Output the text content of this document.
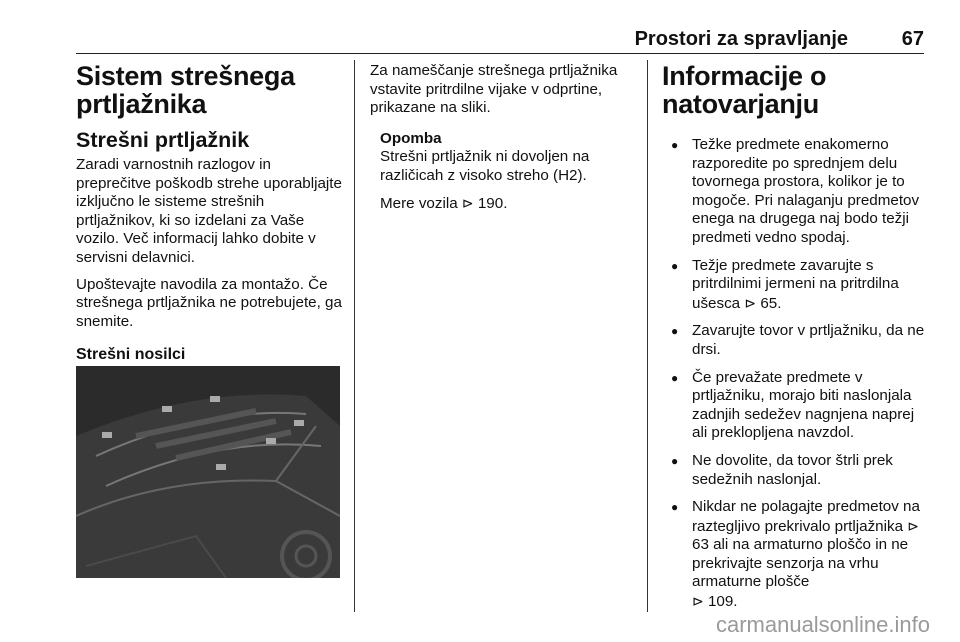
Prostori za spravljanje	67
Sistem strešnega prtljažnika
Strešni prtljažnik

Zaradi varnostnih razlogov in preprečitve poškodb strehe uporabljajte izključno le sisteme strešnih prtljažnikov, ki so izdelani za Vaše vozilo. Več informacij lahko dobite v servisni delavnici.

Upoštevajte navodila za montažo. Če strešnega prtljažnika ne potrebujete, ga snemite.

Strešni nosilci

Za nameščanje strešnega prtljažnika vstavite pritrdilne vijake v odprtine, prikazane na sliki.

Opomba

Strešni prtljažnik ni dovoljen na različicah z visoko streho (H2).

Mere vozila ⊳ 190.

Informacije o natovarjanju
● Težke predmete enakomerno razporedite po sprednjem delu tovornega prostora, kolikor je to mogoče. Pri nalaganju predmetov enega na drugega naj bodo težji predmeti vedno spodaj.
● Težje predmete zavarujte s pritrdilnimi jermeni na pritrdilna ušesca ⊳ 65.
● Zavarujte tovor v prtljažniku, da ne drsi.
● Če prevažate predmete v prtljažniku, morajo biti naslonjala zadnjih sedežev nagnjena naprej ali preklopljena navzdol.
● Ne dovolite, da tovor štrli prek sedežnih naslonjal.
● Nikdar ne polagajte predmetov na raztegljivo prekrivalo prtljažnika ⊳ 63 ali na armaturno ploščo in ne prekrivajte senzorja na vrhu armaturne plošče
⊳ 109.
carmanualsonline.info
